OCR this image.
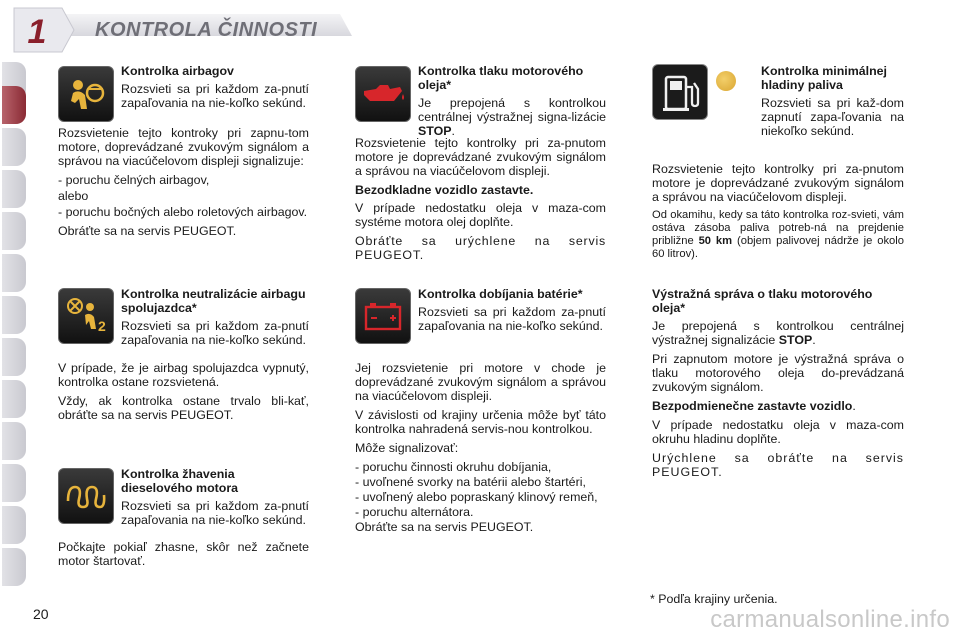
1	KONTROLA ČINNOSTI

Kontrolka airbagov

Rozsvieti sa pri každom za-pnutí zapaľovania na nie-koľko sekúnd.

Rozsvietenie tejto kontroky pri zapnu-tom motore, doprevádzané zvukovým signálom a správou na viacúčelovom displeji signalizuje:

- poruchu čelných airbagov,

alebo

- poruchu bočných alebo roletových airbagov.

Obráťte sa na servis PEUGEOT.

2

Kontrolka neutralizácie airbagu spolujazdca*

Rozsvieti sa pri každom za-pnutí zapaľovania na nie-koľko sekúnd.

V prípade, že je airbag spolujazdca vypnutý, kontrolka ostane rozsvietená.

Vždy, ak kontrolka ostane trvalo bli-kať, obráťte sa na servis PEUGEOT.

Kontrolka žhavenia dieselového motora

Rozsvieti sa pri každom za-pnutí zapaľovania na nie-koľko sekúnd.

Počkajte pokiaľ zhasne, skôr než začnete motor štartovať.

Kontrolka tlaku motorového oleja*

Je prepojená s kontrolkou centrálnej výstražnej signa-lizácie STOP.

Rozsvietenie tejto kontrolky pri za-pnutom motore je doprevádzané zvukovým signálom a správou na viacúčelovom displeji.

Bezodkladne vozidlo zastavte.

V prípade nedostatku oleja v maza-com systéme motora olej doplňte.

Obráťte sa urýchlene na servis PEUGEOT.

Kontrolka dobíjania batérie*

Rozsvieti sa pri každom za-pnutí zapaľovania na nie-koľko sekúnd.

Jej rozsvietenie pri motore v chode je doprevádzané zvukovým signálom a správou na viacúčelovom displeji.

V závislosti od krajiny určenia môže byť táto kontrolka nahradená servis-nou kontrolkou.

Môže signalizovať:

- poruchu činnosti okruhu dobíjania,

- uvoľnené svorky na batérii alebo štartéri,

- uvoľnený alebo popraskaný klinový remeň,

- poruchu alternátora.

Obráťte sa na servis PEUGEOT.

Kontrolka minimálnej hladiny paliva

Rozsvieti sa pri kaž-dom zapnutí zapa-ľovania na niekoľko sekúnd.

Rozsvietenie tejto kontrolky pri za-pnutom motore je doprevádzané zvukovým signálom a správou na viacúčelovom displeji.

Od okamihu, kedy sa táto kontrolka roz-svieti, vám ostáva zásoba paliva potreb-ná na prejdenie približne 50 km (objem palivovej nádrže je okolo 60 litrov).

Výstražná správa o tlaku motorového oleja*

Je prepojená s kontrolkou centrálnej výstražnej signalizácie STOP.

Pri zapnutom motore je výstražná správa o tlaku motorového oleja do-prevádzaná zvukovým signálom.

Bezpodmienečne zastavte vozidlo.

V prípade nedostatku oleja v maza-com okruhu hladinu doplňte.

Urýchlene sa obráťte na servis PEUGEOT.

* Podľa krajiny určenia.
20	carmanualsonline.info
